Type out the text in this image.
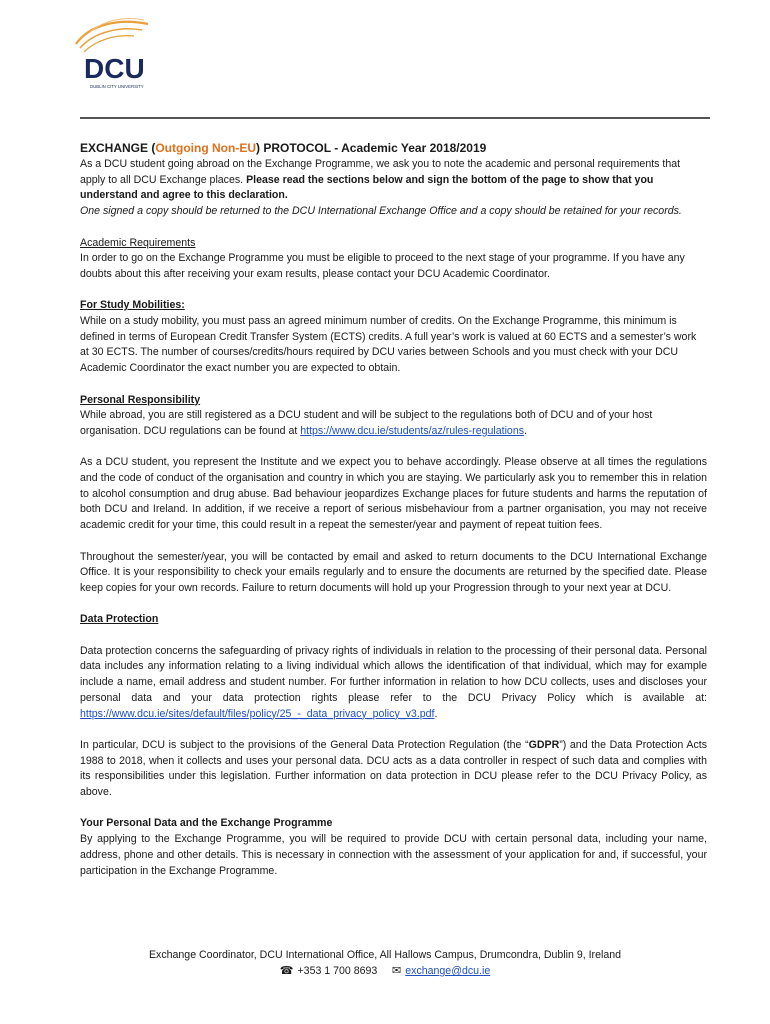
DCU
DUBLIN CITY UNIVERSITY
EXCHANGE (Outgoing Non-EU) PROTOCOL - Academic Year 2018/2019

As a DCU student going abroad on the Exchange Programme, we ask you to note the academic and personal requirements that apply to all DCU Exchange places. Please read the sections below and sign the bottom of the page to show that you understand and agree to this declaration.

One signed a copy should be returned to the DCU International Exchange Office and a copy should be retained for your records.

Academic Requirements

In order to go on the Exchange Programme you must be eligible to proceed to the next stage of your programme. If you have any doubts about this after receiving your exam results, please contact your DCU Academic Coordinator.

For Study Mobilities:

While on a study mobility, you must pass an agreed minimum number of credits. On the Exchange Programme, this minimum is defined in terms of European Credit Transfer System (ECTS) credits. A full year’s work is valued at 60 ECTS and a semester’s work at 30 ECTS. The number of courses/credits/hours required by DCU varies between Schools and you must check with your DCU Academic Coordinator the exact number you are expected to obtain.

Personal Responsibility

While abroad, you are still registered as a DCU student and will be subject to the regulations both of DCU and of your host organisation. DCU regulations can be found at https://www.dcu.ie/students/az/rules-regulations.

As a DCU student, you represent the Institute and we expect you to behave accordingly. Please observe at all times the regulations and the code of conduct of the organisation and country in which you are staying. We particularly ask you to remember this in relation to alcohol consumption and drug abuse. Bad behaviour jeopardizes Exchange places for future students and harms the reputation of both DCU and Ireland. In addition, if we receive a report of serious misbehaviour from a partner organisation, you may not receive academic credit for your time, this could result in a repeat the semester/year and payment of repeat tuition fees.

Throughout the semester/year, you will be contacted by email and asked to return documents to the DCU International Exchange Office. It is your responsibility to check your emails regularly and to ensure the documents are returned by the specified date. Please keep copies for your own records. Failure to return documents will hold up your Progression through to your next year at DCU.

Data Protection

Data protection concerns the safeguarding of privacy rights of individuals in relation to the processing of their personal data. Personal data includes any information relating to a living individual which allows the identification of that individual, which may for example include a name, email address and student number. For further information in relation to how DCU collects, uses and discloses your personal data and your data protection rights please refer to the DCU Privacy Policy which is available at: https://www.dcu.ie/sites/default/files/policy/25_-_data_privacy_policy_v3.pdf.

In particular, DCU is subject to the provisions of the General Data Protection Regulation (the “GDPR”) and the Data Protection Acts 1988 to 2018, when it collects and uses your personal data. DCU acts as a data controller in respect of such data and complies with its responsibilities under this legislation. Further information on data protection in DCU please refer to the DCU Privacy Policy, as above.

Your Personal Data and the Exchange Programme

By applying to the Exchange Programme, you will be required to provide DCU with certain personal data, including your name, address, phone and other details. This is necessary in connection with the assessment of your application for and, if successful, your participation in the Exchange Programme.

Exchange Coordinator, DCU International Office, All Hallows Campus, Drumcondra, Dublin 9, Ireland
☎ +353 1 700 8693 ✉ exchange@dcu.ie
